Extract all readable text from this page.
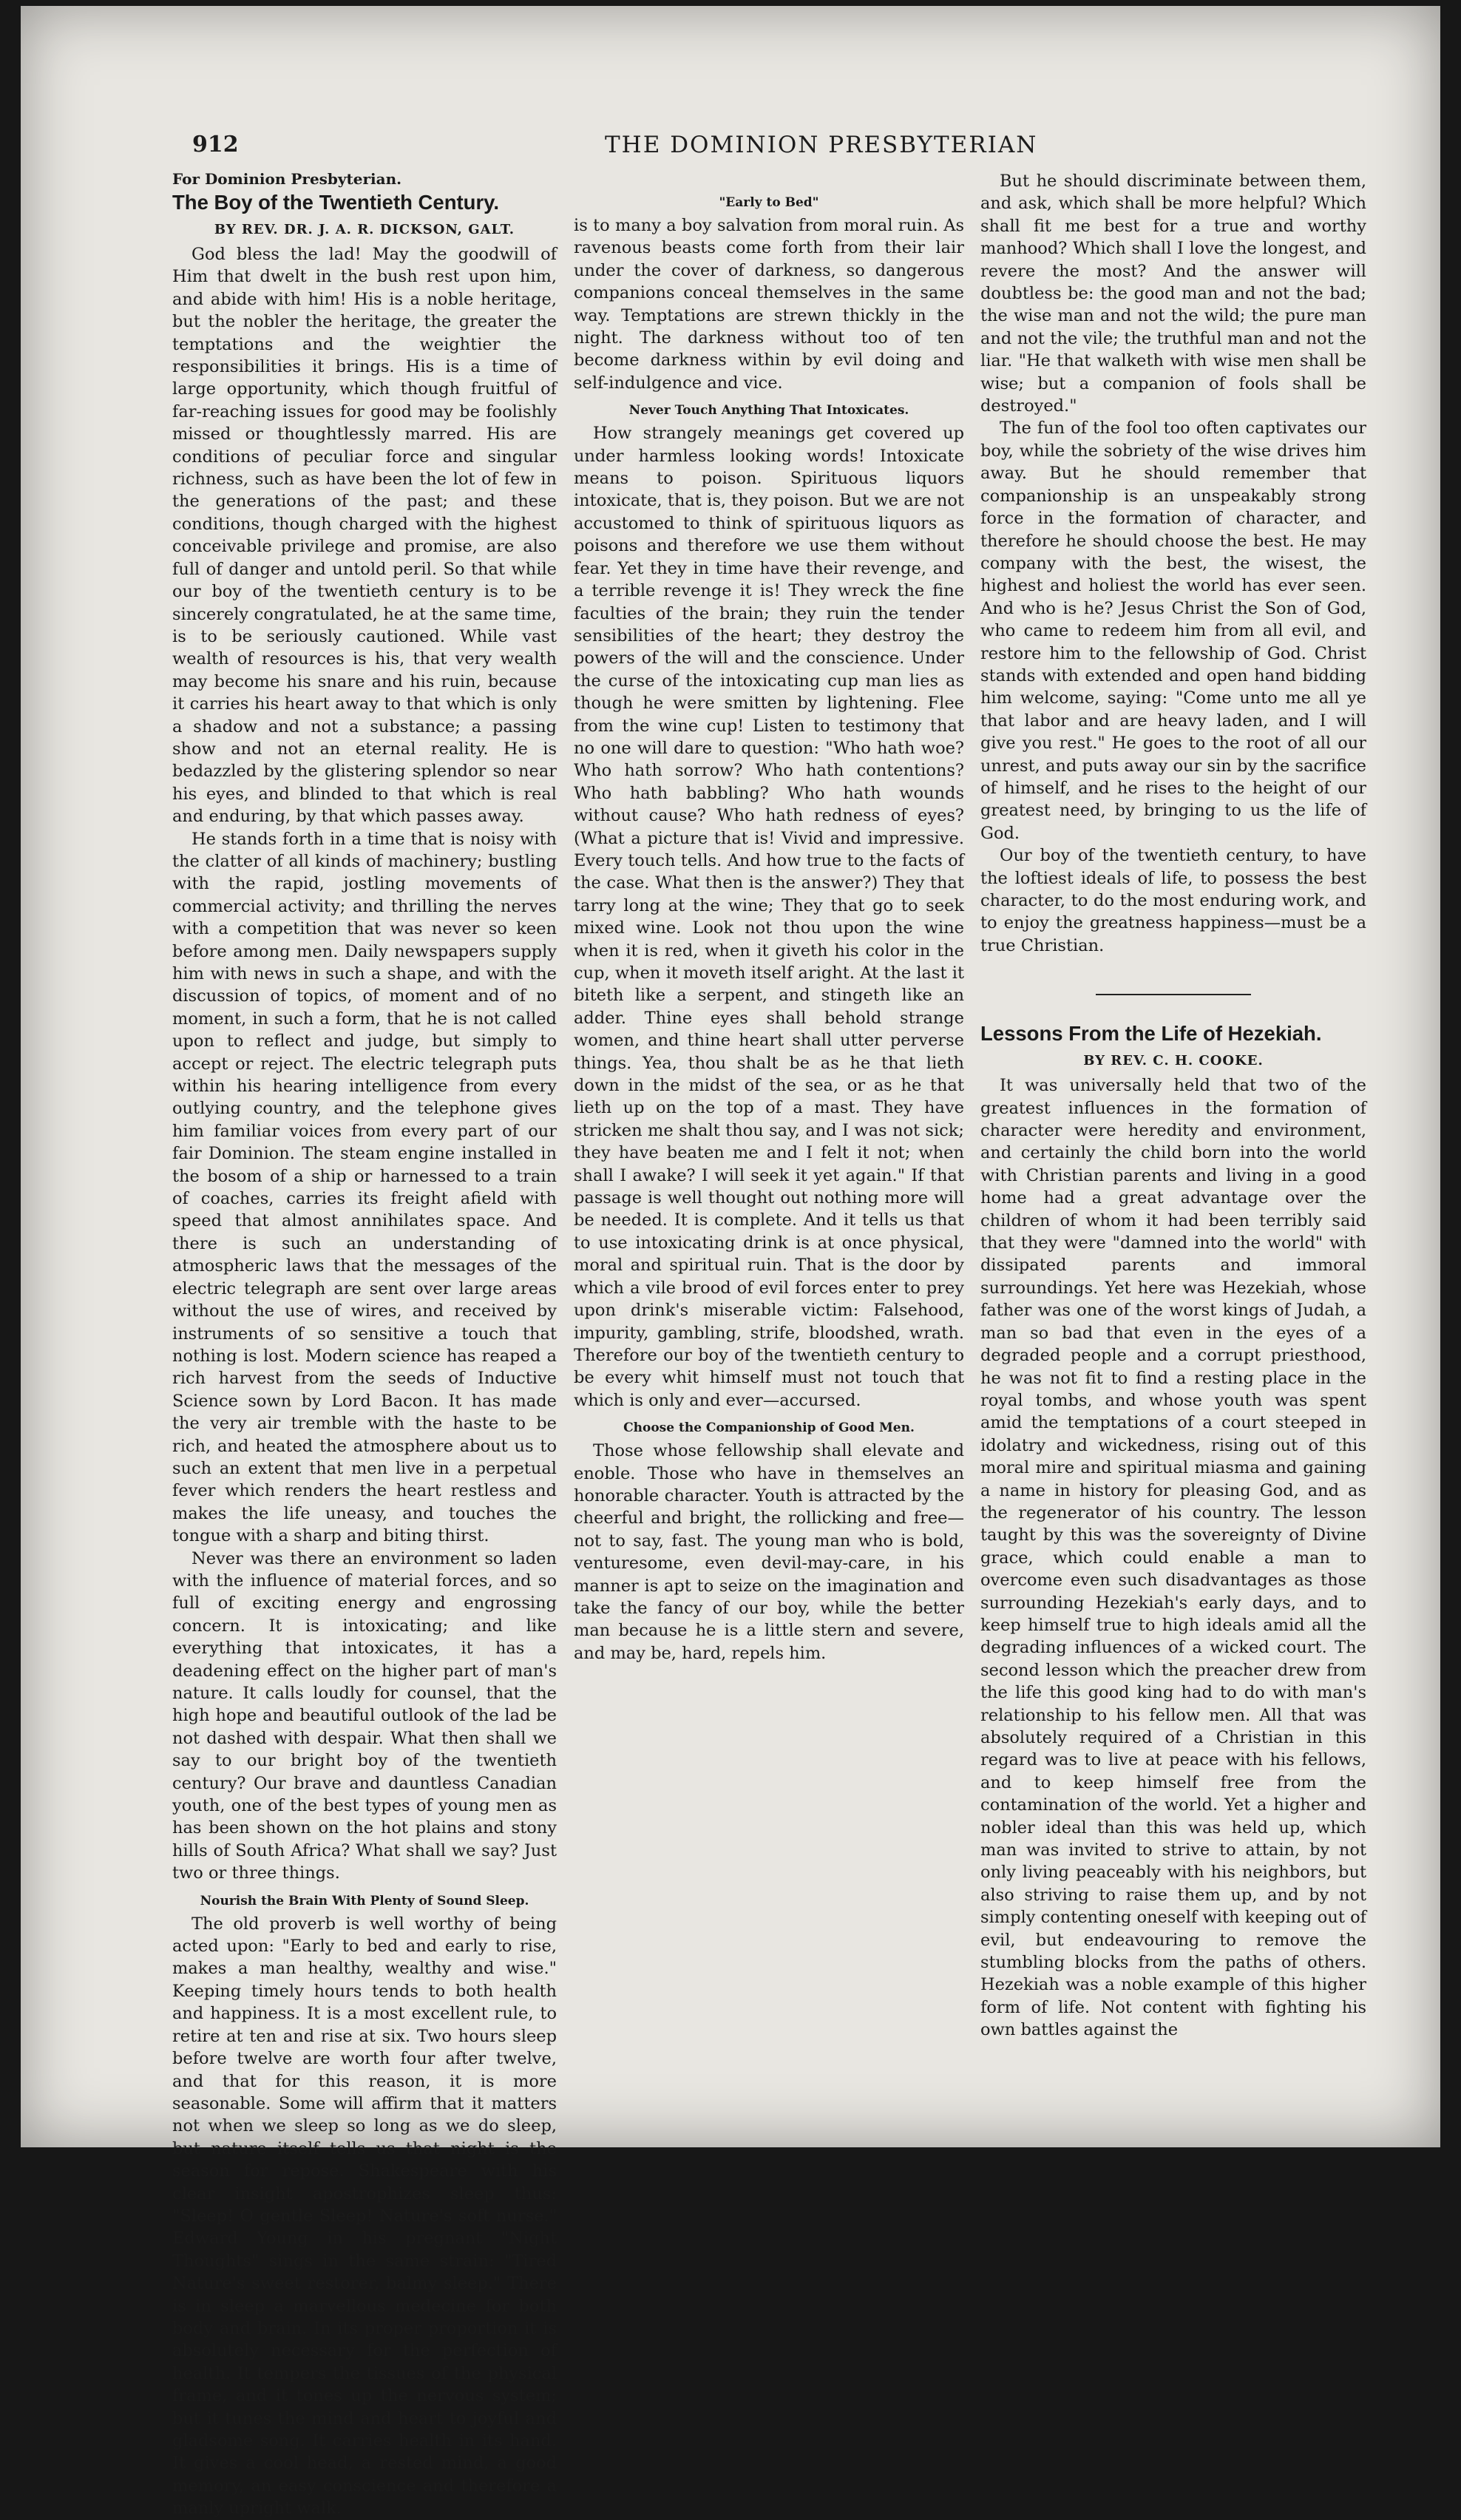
912	THE DOMINION PRESBYTERIAN
For Dominion Presbyterian.
The Boy of the Twentieth Century.
BY REV. DR. J. A. R. DICKSON, GALT.

God bless the lad! May the goodwill of Him that dwelt in the bush rest upon him, and abide with him! His is a noble heritage, but the nobler the heritage, the greater the temptations and the weightier the responsibilities it brings. His is a time of large opportunity, which though fruitful of far-reaching issues for good may be foolishly missed or thoughtlessly marred. His are conditions of peculiar force and singular richness, such as have been the lot of few in the generations of the past; and these conditions, though charged with the highest conceivable privilege and promise, are also full of danger and untold peril. So that while our boy of the twentieth century is to be sincerely congratulated, he at the same time, is to be seriously cautioned. While vast wealth of resources is his, that very wealth may become his snare and his ruin, because it carries his heart away to that which is only a shadow and not a substance; a passing show and not an eternal reality. He is bedazzled by the glistering splendor so near his eyes, and blinded to that which is real and enduring, by that which passes away.

He stands forth in a time that is noisy with the clatter of all kinds of machinery; bustling with the rapid, jostling movements of commercial activity; and thrilling the nerves with a competition that was never so keen before among men. Daily newspapers supply him with news in such a shape, and with the discussion of topics, of moment and of no moment, in such a form, that he is not called upon to reflect and judge, but simply to accept or reject. The electric telegraph puts within his hearing intelligence from every outlying country, and the telephone gives him familiar voices from every part of our fair Dominion. The steam engine installed in the bosom of a ship or harnessed to a train of coaches, carries its freight afield with speed that almost annihilates space. And there is such an understanding of atmospheric laws that the messages of the electric telegraph are sent over large areas without the use of wires, and received by instruments of so sensitive a touch that nothing is lost. Modern science has reaped a rich harvest from the seeds of Inductive Science sown by Lord Bacon. It has made the very air tremble with the haste to be rich, and heated the atmosphere about us to such an extent that men live in a perpetual fever which renders the heart restless and makes the life uneasy, and touches the tongue with a sharp and biting thirst.

Never was there an environment so laden with the influence of material forces, and so full of exciting energy and engrossing concern. It is intoxicating; and like everything that intoxicates, it has a deadening effect on the higher part of man's nature. It calls loudly for counsel, that the high hope and beautiful outlook of the lad be not dashed with despair. What then shall we say to our bright boy of the twentieth century? Our brave and dauntless Canadian youth, one of the best types of young men as has been shown on the hot plains and stony hills of South Africa? What shall we say? Just two or three things.

Nourish the Brain With Plenty of Sound Sleep.

The old proverb is well worthy of being acted upon: "Early to bed and early to rise, makes a man healthy, wealthy and wise." Keeping timely hours tends to both health and happiness. It is a most excellent rule, to retire at ten and rise at six. Two hours sleep before twelve are worth four after twelve, and that for this reason, it is more seasonable. Some will affirm that it matters not when we sleep so long as we do sleep, but nature itself tells us that night is the season for repose. Shakespeare with his clear insight apostrophizes sleep thus: "Sleep! O gentle Sleep! Nature's soft nurse." Edward Young in his pregnant "Night Thoughts" sings in the same strain: "Tired Nature's sweet restorer, balmy sleep." There is in sleep a marvellous medecine for both body and brain. In its proper proportion it is absolutely necessary for the perfection of health. It tempers the tissues of the physical frame, and it tones up the nervous system; but it tunes the mind and heart to joyful and gladsome song. It carries health in its hand. It gives a cool head, a rested mind, a good memory, an easy conscience and therefore a manly upright walk.

"Early to Bed"

is to many a boy salvation from moral ruin. As ravenous beasts come forth from their lair under the cover of darkness, so dangerous companions conceal themselves in the same way. Temptations are strewn thickly in the night. The darkness without too of ten become darkness within by evil doing and self-indulgence and vice.

Never Touch Anything That Intoxicates.

How strangely meanings get covered up under harmless looking words! Intoxicate means to poison. Spirituous liquors intoxicate, that is, they poison. But we are not accustomed to think of spirituous liquors as poisons and therefore we use them without fear. Yet they in time have their revenge, and a terrible revenge it is! They wreck the fine faculties of the brain; they ruin the tender sensibilities of the heart; they destroy the powers of the will and the conscience. Under the curse of the intoxicating cup man lies as though he were smitten by lightening. Flee from the wine cup! Listen to testimony that no one will dare to question: "Who hath woe? Who hath sorrow? Who hath contentions? Who hath babbling? Who hath wounds without cause? Who hath redness of eyes? (What a picture that is! Vivid and impressive. Every touch tells. And how true to the facts of the case. What then is the answer?) They that tarry long at the wine; They that go to seek mixed wine. Look not thou upon the wine when it is red, when it giveth his color in the cup, when it moveth itself aright. At the last it biteth like a serpent, and stingeth like an adder. Thine eyes shall behold strange women, and thine heart shall utter perverse things. Yea, thou shalt be as he that lieth down in the midst of the sea, or as he that lieth up on the top of a mast. They have stricken me shalt thou say, and I was not sick; they have beaten me and I felt it not; when shall I awake? I will seek it yet again." If that passage is well thought out nothing more will be needed. It is complete. And it tells us that to use intoxicating drink is at once physical, moral and spiritual ruin. That is the door by which a vile brood of evil forces enter to prey upon drink's miserable victim: Falsehood, impurity, gambling, strife, bloodshed, wrath. Therefore our boy of the twentieth century to be every whit himself must not touch that which is only and ever—accursed.

Choose the Companionship of Good Men.

Those whose fellowship shall elevate and enoble. Those who have in themselves an honorable character. Youth is attracted by the cheerful and bright, the rollicking and free—not to say, fast. The young man who is bold, venturesome, even devil-may-care, in his manner is apt to seize on the imagination and take the fancy of our boy, while the better man because he is a little stern and severe, and may be, hard, repels him.

But he should discriminate between them, and ask, which shall be more helpful? Which shall fit me best for a true and worthy manhood? Which shall I love the longest, and revere the most? And the answer will doubtless be: the good man and not the bad; the wise man and not the wild; the pure man and not the vile; the truthful man and not the liar. "He that walketh with wise men shall be wise; but a companion of fools shall be destroyed."

The fun of the fool too often captivates our boy, while the sobriety of the wise drives him away. But he should remember that companionship is an unspeakably strong force in the formation of character, and therefore he should choose the best. He may company with the best, the wisest, the highest and holiest the world has ever seen. And who is he? Jesus Christ the Son of God, who came to redeem him from all evil, and restore him to the fellowship of God. Christ stands with extended and open hand bidding him welcome, saying: "Come unto me all ye that labor and are heavy laden, and I will give you rest." He goes to the root of all our unrest, and puts away our sin by the sacrifice of himself, and he rises to the height of our greatest need, by bringing to us the life of God.

Our boy of the twentieth century, to have the loftiest ideals of life, to possess the best character, to do the most enduring work, and to enjoy the greatness happiness—must be a true Christian.

Lessons From the Life of Hezekiah.
BY REV. C. H. COOKE.

It was universally held that two of the greatest influences in the formation of character were heredity and environment, and certainly the child born into the world with Christian parents and living in a good home had a great advantage over the children of whom it had been terribly said that they were "damned into the world" with dissipated parents and immoral surroundings. Yet here was Hezekiah, whose father was one of the worst kings of Judah, a man so bad that even in the eyes of a degraded people and a corrupt priesthood, he was not fit to find a resting place in the royal tombs, and whose youth was spent amid the temptations of a court steeped in idolatry and wickedness, rising out of this moral mire and spiritual miasma and gaining a name in history for pleasing God, and as the regenerator of his country. The lesson taught by this was the sovereignty of Divine grace, which could enable a man to overcome even such disadvantages as those surrounding Hezekiah's early days, and to keep himself true to high ideals amid all the degrading influences of a wicked court. The second lesson which the preacher drew from the life this good king had to do with man's relationship to his fellow men. All that was absolutely required of a Christian in this regard was to live at peace with his fellows, and to keep himself free from the contamination of the world. Yet a higher and nobler ideal than this was held up, which man was invited to strive to attain, by not only living peaceably with his neighbors, but also striving to raise them up, and by not simply contenting oneself with keeping out of evil, but endeavouring to remove the stumbling blocks from the paths of others. Hezekiah was a noble example of this higher form of life. Not content with fighting his own battles against the
